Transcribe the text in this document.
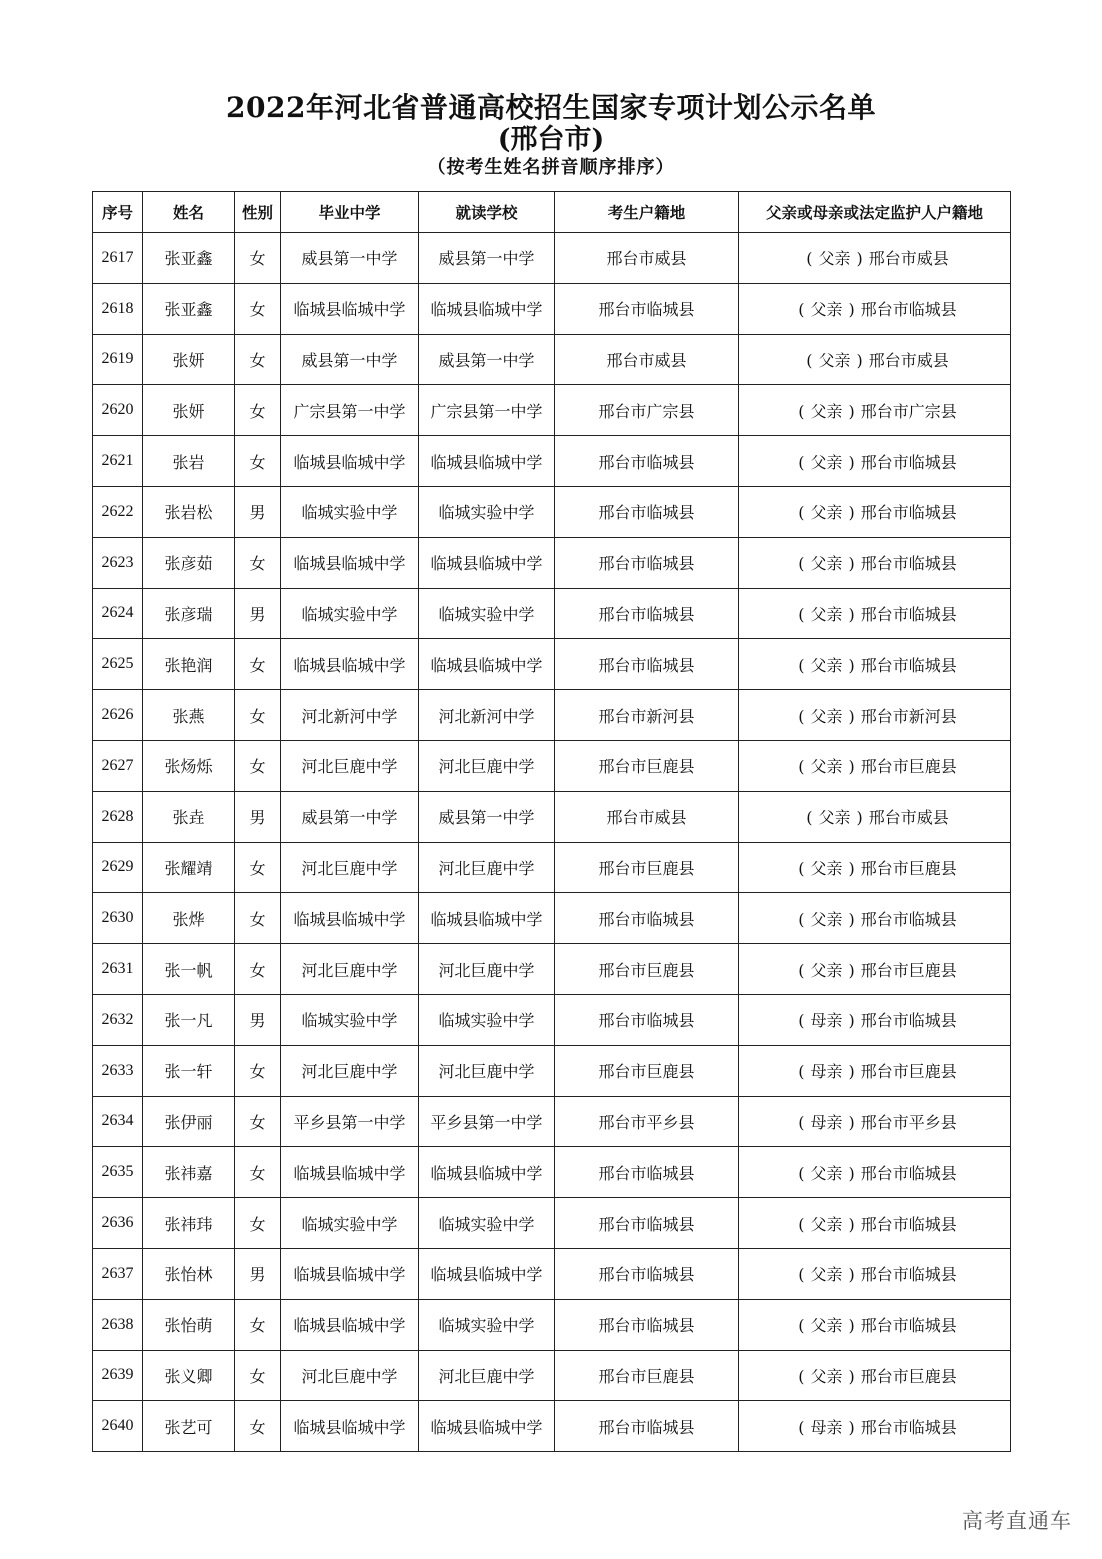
2022年河北省普通高校招生国家专项计划公示名单
(邢台市)
（按考生姓名拼音顺序排序）
序号	姓名	性别	毕业中学	就读学校	考生户籍地	父亲或母亲或法定监护人户籍地
2617	张亚鑫	女	威县第一中学	威县第一中学	邢台市威县	( 父亲 ) 邢台市威县
2618	张亚鑫	女	临城县临城中学	临城县临城中学	邢台市临城县	( 父亲 ) 邢台市临城县
2619	张妍	女	威县第一中学	威县第一中学	邢台市威县	( 父亲 ) 邢台市威县
2620	张妍	女	广宗县第一中学	广宗县第一中学	邢台市广宗县	( 父亲 ) 邢台市广宗县
2621	张岩	女	临城县临城中学	临城县临城中学	邢台市临城县	( 父亲 ) 邢台市临城县
2622	张岩松	男	临城实验中学	临城实验中学	邢台市临城县	( 父亲 ) 邢台市临城县
2623	张彦茹	女	临城县临城中学	临城县临城中学	邢台市临城县	( 父亲 ) 邢台市临城县
2624	张彦瑞	男	临城实验中学	临城实验中学	邢台市临城县	( 父亲 ) 邢台市临城县
2625	张艳润	女	临城县临城中学	临城县临城中学	邢台市临城县	( 父亲 ) 邢台市临城县
2626	张燕	女	河北新河中学	河北新河中学	邢台市新河县	( 父亲 ) 邢台市新河县
2627	张炀烁	女	河北巨鹿中学	河北巨鹿中学	邢台市巨鹿县	( 父亲 ) 邢台市巨鹿县
2628	张垚	男	威县第一中学	威县第一中学	邢台市威县	( 父亲 ) 邢台市威县
2629	张耀靖	女	河北巨鹿中学	河北巨鹿中学	邢台市巨鹿县	( 父亲 ) 邢台市巨鹿县
2630	张烨	女	临城县临城中学	临城县临城中学	邢台市临城县	( 父亲 ) 邢台市临城县
2631	张一帆	女	河北巨鹿中学	河北巨鹿中学	邢台市巨鹿县	( 父亲 ) 邢台市巨鹿县
2632	张一凡	男	临城实验中学	临城实验中学	邢台市临城县	( 母亲 ) 邢台市临城县
2633	张一轩	女	河北巨鹿中学	河北巨鹿中学	邢台市巨鹿县	( 母亲 ) 邢台市巨鹿县
2634	张伊丽	女	平乡县第一中学	平乡县第一中学	邢台市平乡县	( 母亲 ) 邢台市平乡县
2635	张祎嘉	女	临城县临城中学	临城县临城中学	邢台市临城县	( 父亲 ) 邢台市临城县
2636	张祎玮	女	临城实验中学	临城实验中学	邢台市临城县	( 父亲 ) 邢台市临城县
2637	张怡林	男	临城县临城中学	临城县临城中学	邢台市临城县	( 父亲 ) 邢台市临城县
2638	张怡萌	女	临城县临城中学	临城实验中学	邢台市临城县	( 父亲 ) 邢台市临城县
2639	张义卿	女	河北巨鹿中学	河北巨鹿中学	邢台市巨鹿县	( 父亲 ) 邢台市巨鹿县
2640	张艺可	女	临城县临城中学	临城县临城中学	邢台市临城县	( 母亲 ) 邢台市临城县
高考直通车
